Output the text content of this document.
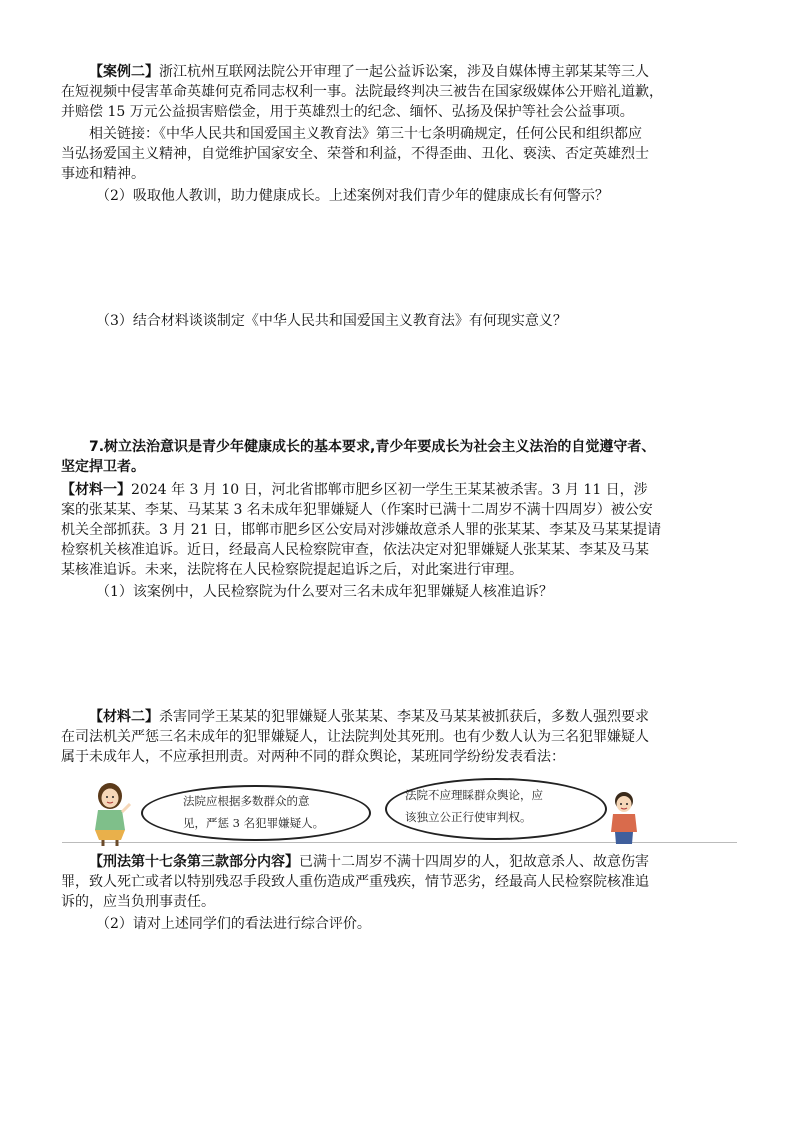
【案例二】浙江杭州互联网法院公开审理了一起公益诉讼案，涉及自媒体博主郭某某等三人
在短视频中侵害革命英雄何克希同志权利一事。法院最终判决三被告在国家级媒体公开赔礼道歉，
并赔偿 15 万元公益损害赔偿金，用于英雄烈士的纪念、缅怀、弘扬及保护等社会公益事项。
相关链接：《中华人民共和国爱国主义教育法》第三十七条明确规定，任何公民和组织都应
当弘扬爱国主义精神，自觉维护国家安全、荣誉和利益，不得歪曲、丑化、亵渎、否定英雄烈士
事迹和精神。
（2）吸取他人教训，助力健康成长。上述案例对我们青少年的健康成长有何警示？
（3）结合材料谈谈制定《中华人民共和国爱国主义教育法》有何现实意义？
7.树立法治意识是青少年健康成长的基本要求,青少年要成长为社会主义法治的自觉遵守者、
坚定捍卫者。
【材料一】2024 年 3 月 10 日，河北省邯郸市肥乡区初一学生王某某被杀害。3 月 11 日，涉
案的张某某、李某、马某某 3 名未成年犯罪嫌疑人（作案时已满十二周岁不满十四周岁）被公安
机关全部抓获。3 月 21 日，邯郸市肥乡区公安局对涉嫌故意杀人罪的张某某、李某及马某某提请
检察机关核准追诉。近日，经最高人民检察院审查，依法决定对犯罪嫌疑人张某某、李某及马某
某核准追诉。未来，法院将在人民检察院提起追诉之后，对此案进行审理。
（1）该案例中，人民检察院为什么要对三名未成年犯罪嫌疑人核准追诉？
【材料二】杀害同学王某某的犯罪嫌疑人张某某、李某及马某某被抓获后，多数人强烈要求
在司法机关严惩三名未成年的犯罪嫌疑人，让法院判处其死刑。也有少数人认为三名犯罪嫌疑人
属于未成年人，不应承担刑责。对两种不同的群众舆论，某班同学纷纷发表看法：
法院应根据多数群众的意
见，严惩 3 名犯罪嫌疑人。
法院不应理睬群众舆论，应
该独立公正行使审判权。
【刑法第十七条第三款部分内容】已满十二周岁不满十四周岁的人，犯故意杀人、故意伤害
罪，致人死亡或者以特别残忍手段致人重伤造成严重残疾，情节恶劣，经最高人民检察院核准追
诉的，应当负刑事责任。
（2）请对上述同学们的看法进行综合评价。
